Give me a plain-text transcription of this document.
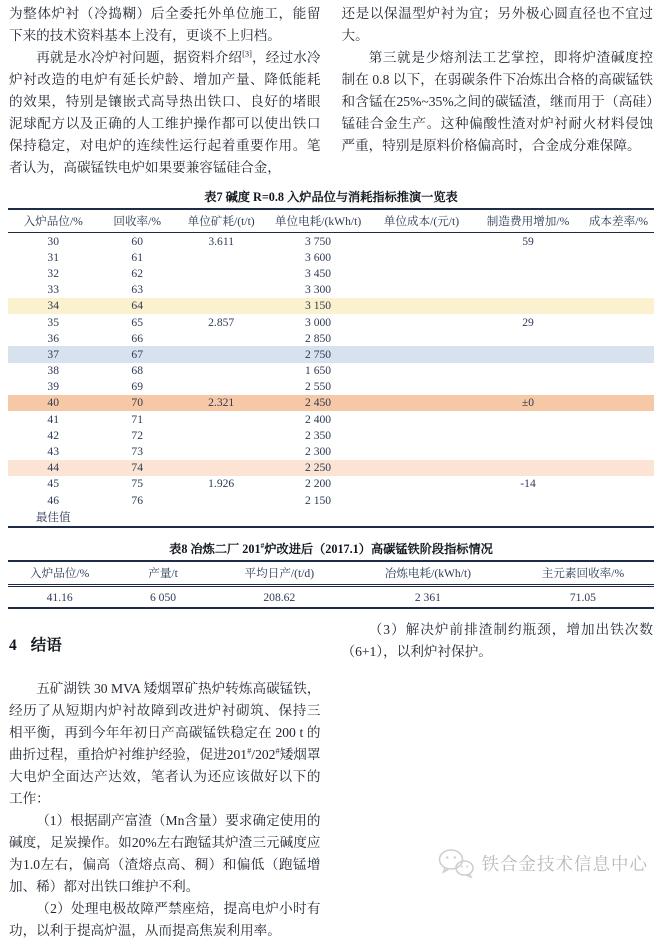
为整体炉衬（冷捣糊）后全委托外单位施工，能留下来的技术资料基本上没有，更谈不上归档。

再就是水冷炉衬问题，据资料介绍[3]，经过水冷炉衬改造的电炉有延长炉龄、增加产量、降低能耗的效果，特别是镶嵌式高导热出铁口、良好的堵眼泥球配方以及正确的人工维护操作都可以使出铁口保持稳定，对电炉的连续性运行起着重要作用。笔者认为，高碳锰铁电炉如果要兼容锰硅合金，

还是以保温型炉衬为宜；另外极心圆直径也不宜过大。

第三就是少熔剂法工艺掌控，即将炉渣碱度控制在 0.8 以下，在弱碳条件下冶炼出合格的高碳锰铁和含锰在25%~35%之间的碳锰渣，继而用于（高硅）锰硅合金生产。这种偏酸性渣对炉衬耐火材料侵蚀严重，特别是原料价格偏高时，合金成分难保障。

表7 碱度 R=0.8 入炉品位与消耗指标推演一览表
入炉品位/%	回收率/%	单位矿耗/(t/t)	单位电耗/(kWh/t)	单位成本/(元/t)	制造费用增加/%	成本差率/%
30	60	3.611	3 750		59	
31	61		3 600			
32	62		3 450			
33	63		3 300			
34	64		3 150			
35	65	2.857	3 000		29	
36	66		2 850			
37	67		2 750			
38	68		1 650			
39	69		2 550			
40	70	2.321	2 450		±0	
41	71		2 400			
42	72		2 350			
43	73		2 300			
44	74		2 250			
45	75	1.926	2 200		-14	
46	76		2 150			
最佳值						
表8 冶炼二厂 201#炉改进后（2017.1）高碳锰铁阶段指标情况
入炉品位/%	产量/t	平均日产/(t/d)	冶炼电耗/(kWh/t)	主元素回收率/%
41.16	6 050	208.62	2 361	71.05
4 结语

五矿湖铁 30 MVA 矮烟罩矿热炉转炼高碳锰铁，经历了从短期内炉衬故障到改进炉衬砌筑、保持三相平衡，再到今年年初日产高碳锰铁稳定在 200 t 的曲折过程，重拾炉衬维护经验，促进201#/202#矮烟罩大电炉全面达产达效，笔者认为还应该做好以下的工作：

（1）根据副产富渣（Mn含量）要求确定使用的碱度，足炭操作。如20%左右跑锰其炉渣三元碱度应为1.0左右，偏高（渣熔点高、稠）和偏低（跑锰增加、稀）都对出铁口维护不利。

（2）处理电极故障严禁座焙，提高电炉小时有功，以利于提高炉温，从而提高焦炭利用率。

（3）解决炉前排渣制约瓶颈，增加出铁次数（6+1），以利炉衬保护。

铁合金技术信息中心
